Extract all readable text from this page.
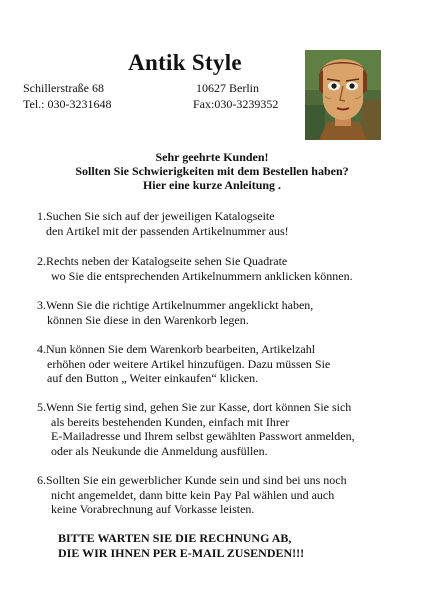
Antik Style
Schillerstraße 68	10627 Berlin
Tel.: 030-3231648	Fax:030-3239352
Sehr geehrte Kunden!
Sollten Sie Schwierigkeiten mit dem Bestellen haben?
Hier eine kurze Anleitung .
1.Suchen Sie sich auf der jeweiligen Katalogseite
den Artikel mit der passenden Artikelnummer aus!
2.Rechts neben der Katalogseite sehen Sie Quadrate
wo Sie die entsprechenden Artikelnummern anklicken können.
3.Wenn Sie die richtige Artikelnummer angeklickt haben,
können Sie diese in den Warenkorb legen.
4.Nun können Sie dem Warenkorb bearbeiten, Artikelzahl
erhöhen oder weitere Artikel hinzufügen. Dazu müssen Sie
auf den Button „ Weiter einkaufen“ klicken.
5.Wenn Sie fertig sind, gehen Sie zur Kasse, dort können Sie sich
als bereits bestehenden Kunden, einfach mit Ihrer
E-Mailadresse und Ihrem selbst gewählten Passwort anmelden,
oder als Neukunde die Anmeldung ausfüllen.
6.Sollten Sie ein gewerblicher Kunde sein und sind bei uns noch
nicht angemeldet, dann bitte kein Pay Pal wählen und auch
keine Vorabrechnung auf Vorkasse leisten.
BITTE WARTEN SIE DIE RECHNUNG AB,
DIE WIR IHNEN PER E-MAIL ZUSENDEN!!!
